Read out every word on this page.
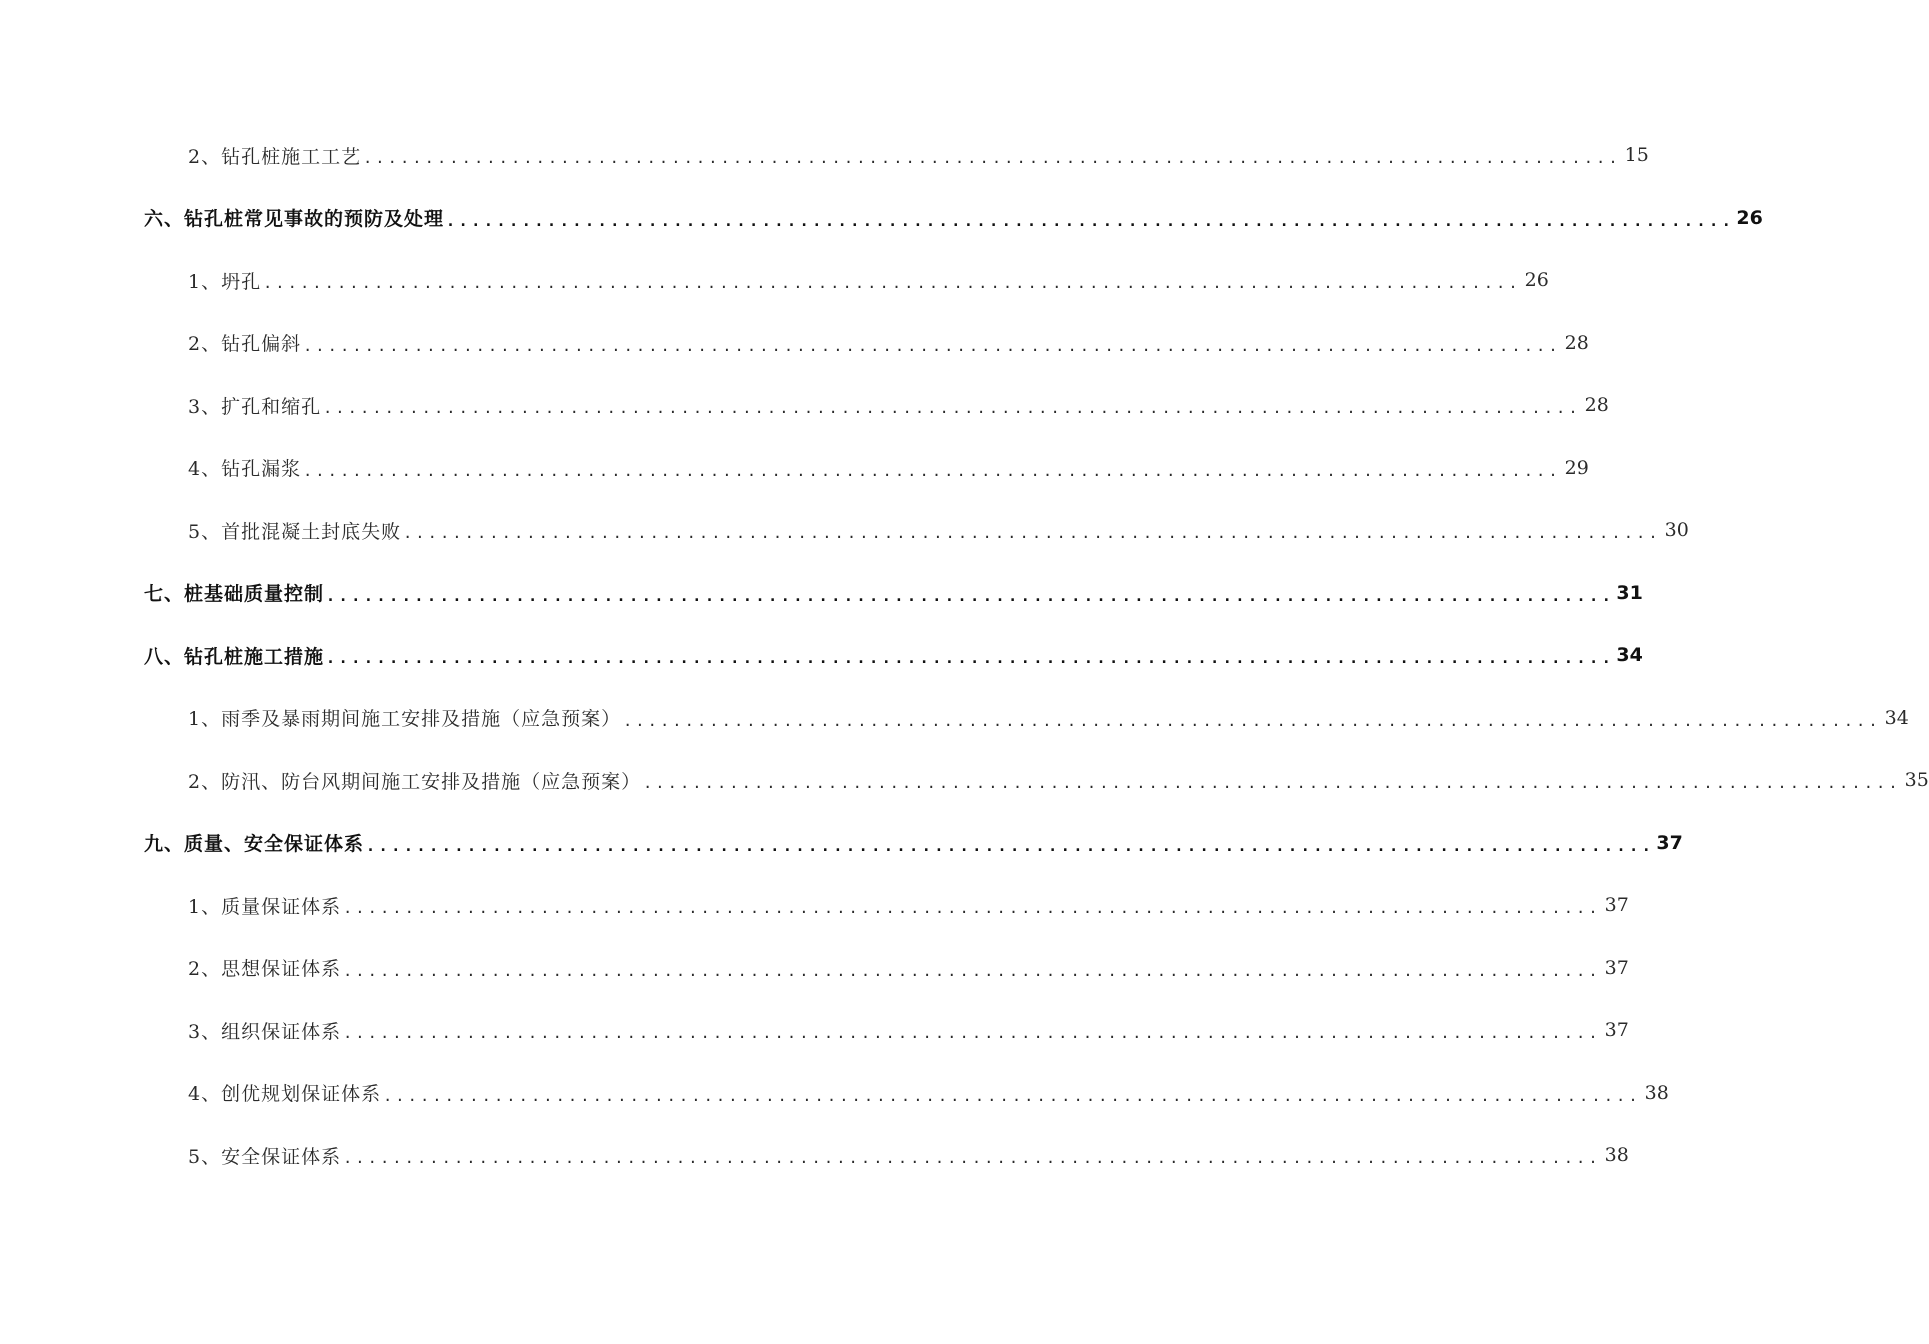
2、钻孔桩施工工艺 ...................................................................................................... 15
六、钻孔桩常见事故的预防及处理 ...................................................................................................... 26
1、坍孔 ...................................................................................................... 26
2、钻孔偏斜 ...................................................................................................... 28
3、扩孔和缩孔 ...................................................................................................... 28
4、钻孔漏浆 ...................................................................................................... 29
5、首批混凝土封底失败 ...................................................................................................... 30
七、桩基础质量控制 ...................................................................................................... 31
八、钻孔桩施工措施 ...................................................................................................... 34
1、雨季及暴雨期间施工安排及措施（应急预案） ...................................................................................................... 34
2、防汛、防台风期间施工安排及措施（应急预案） ...................................................................................................... 35
九、质量、安全保证体系 ...................................................................................................... 37
1、质量保证体系 ...................................................................................................... 37
2、思想保证体系 ...................................................................................................... 37
3、组织保证体系 ...................................................................................................... 37
4、创优规划保证体系 ...................................................................................................... 38
5、安全保证体系 ...................................................................................................... 38
